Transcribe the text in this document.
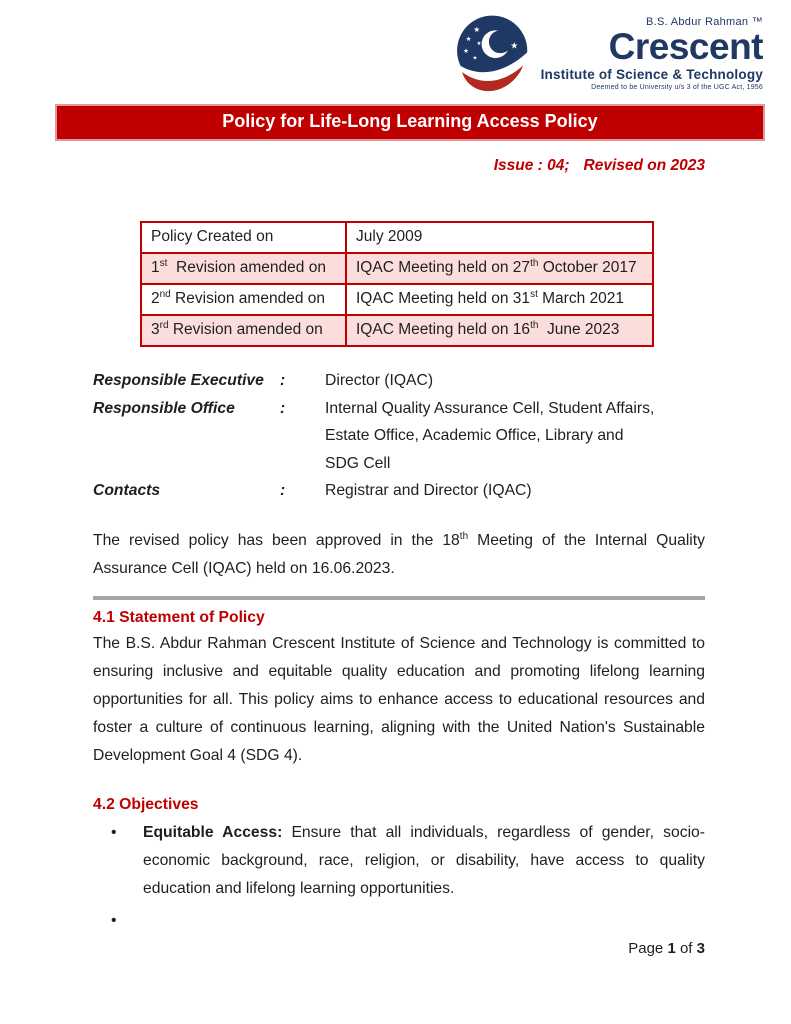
★
★
★
★
★
★
B.S. Abdur Rahman ™
Crescent
Institute of Science & Technology
Deemed to be University u/s 3 of the UGC Act, 1956
Policy for Life-Long Learning Access Policy
Issue : 04; Revised on 2023
Policy Created on	July 2009
1st  Revision amended on	IQAC Meeting held on 27th October 2017
2nd Revision amended on	IQAC Meeting held on 31st March 2021
3rd Revision amended on	IQAC Meeting held on 16th  June 2023
Responsible Executive	:	Director (IQAC)
Responsible Office	:	Internal Quality Assurance Cell, Student Affairs,
Estate Office, Academic Office, Library and
SDG Cell
Contacts	:	Registrar and Director (IQAC)
The revised policy has been approved in the 18th Meeting of the Internal Quality Assurance Cell (IQAC) held on 16.06.2023.
4.1 Statement of Policy
The B.S. Abdur Rahman Crescent Institute of Science and Technology is committed to ensuring inclusive and equitable quality education and promoting lifelong learning opportunities for all. This policy aims to enhance access to educational resources and foster a culture of continuous learning, aligning with the United Nation's Sustainable Development Goal 4 (SDG 4).
4.2 Objectives
•	Equitable Access: Ensure that all individuals, regardless of gender, socio-economic background, race, religion, or disability, have access to quality education and lifelong learning opportunities.
•
Page 1 of 3
